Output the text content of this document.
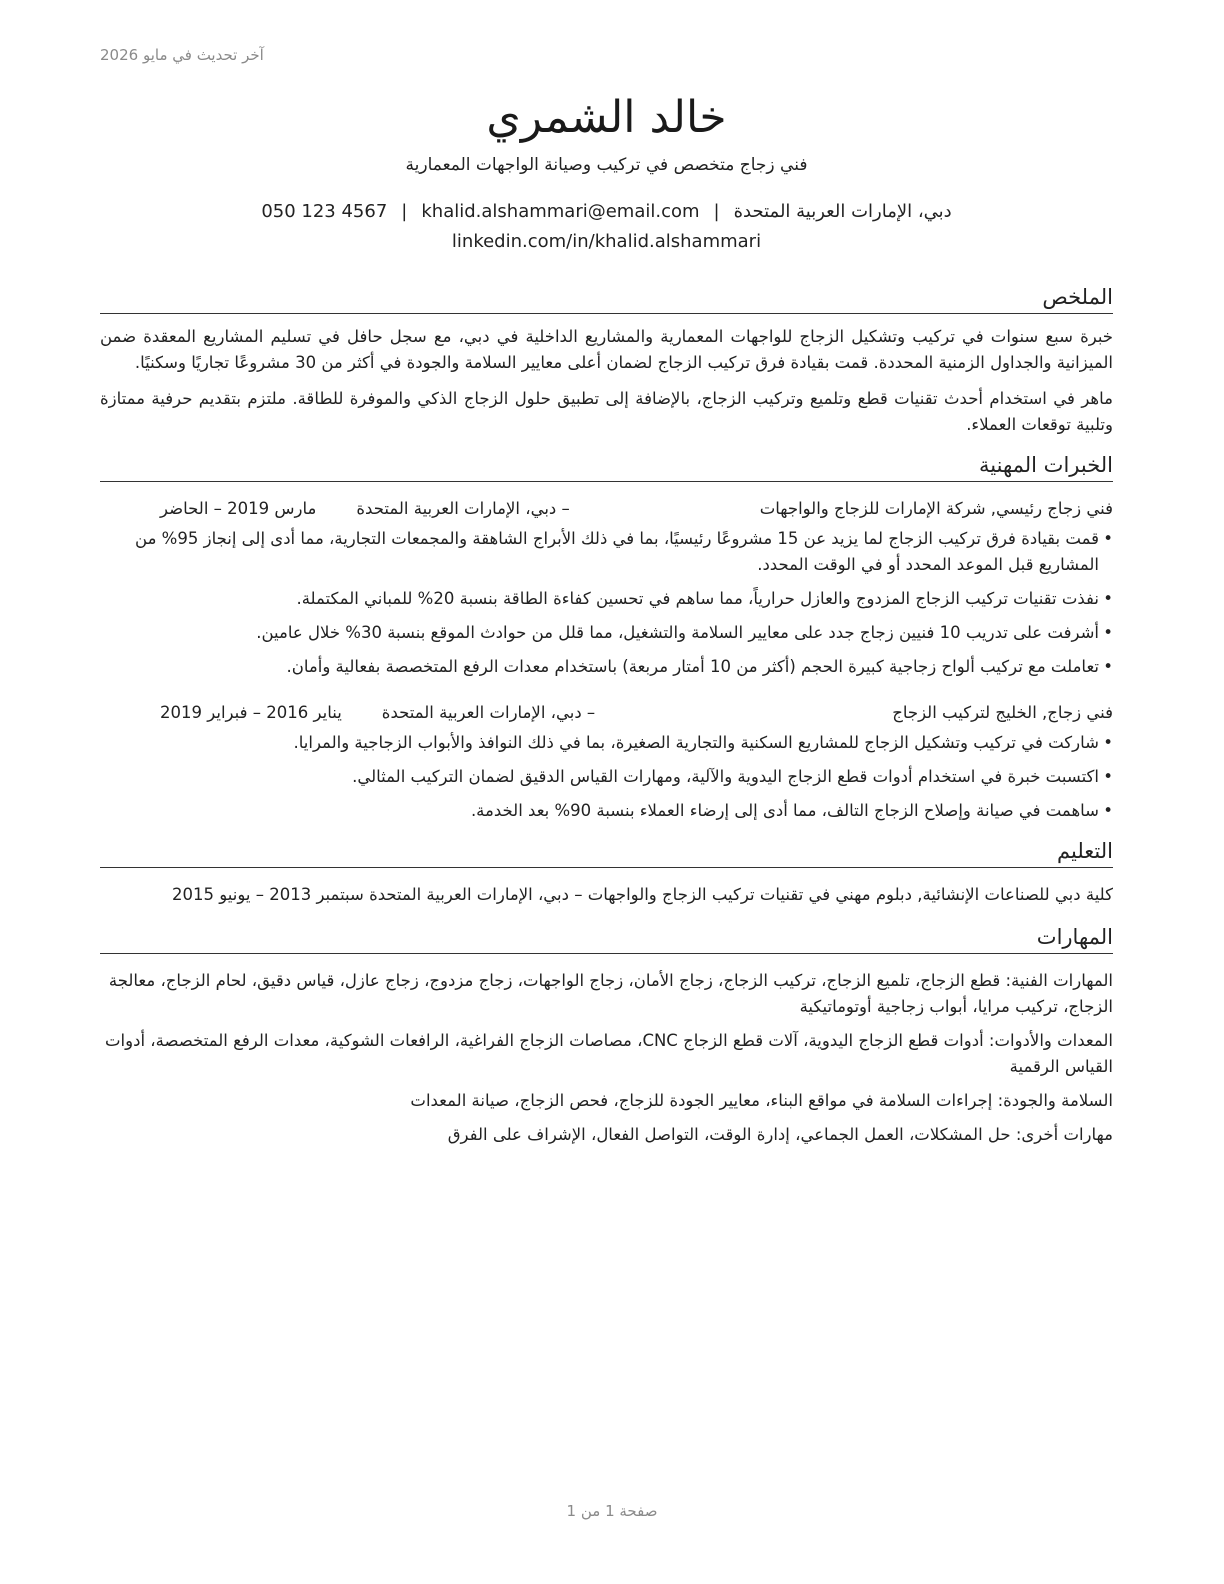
آخر تحديث في مايو 2026
خالد الشمري
فني زجاج متخصص في تركيب وصيانة الواجهات المعمارية
دبي، الإمارات العربية المتحدة|khalid.alshammari@email.com|050 123 4567
linkedin.com/in/khalid.alshammari
الملخص

خبرة سبع سنوات في تركيب وتشكيل الزجاج للواجهات المعمارية والمشاريع الداخلية في دبي، مع سجل حافل في تسليم المشاريع المعقدة ضمن الميزانية والجداول الزمنية المحددة. قمت بقيادة فرق تركيب الزجاج لضمان أعلى معايير السلامة والجودة في أكثر من 30 مشروعًا تجاريًا وسكنيًا.

ماهر في استخدام أحدث تقنيات قطع وتلميع وتركيب الزجاج، بالإضافة إلى تطبيق حلول الزجاج الذكي والموفرة للطاقة. ملتزم بتقديم حرفية ممتازة وتلبية توقعات العملاء.

الخبرات المهنية
فني زجاج رئيسي, شركة الإمارات للزجاج والواجهات
– دبي، الإمارات العربية المتحدة
مارس 2019 – الحاضر
• قمت بقيادة فرق تركيب الزجاج لما يزيد عن 15 مشروعًا رئيسيًا، بما في ذلك الأبراج الشاهقة والمجمعات التجارية، مما أدى إلى إنجاز 95% من المشاريع قبل الموعد المحدد أو في الوقت المحدد.
• نفذت تقنيات تركيب الزجاج المزدوج والعازل حرارياً، مما ساهم في تحسين كفاءة الطاقة بنسبة 20% للمباني المكتملة.
• أشرفت على تدريب 10 فنيين زجاج جدد على معايير السلامة والتشغيل، مما قلل من حوادث الموقع بنسبة 30% خلال عامين.
• تعاملت مع تركيب ألواح زجاجية كبيرة الحجم (أكثر من 10 أمتار مربعة) باستخدام معدات الرفع المتخصصة بفعالية وأمان.
فني زجاج, الخليج لتركيب الزجاج
– دبي، الإمارات العربية المتحدة
يناير 2016 – فبراير 2019
• شاركت في تركيب وتشكيل الزجاج للمشاريع السكنية والتجارية الصغيرة، بما في ذلك النوافذ والأبواب الزجاجية والمرايا.
• اكتسبت خبرة في استخدام أدوات قطع الزجاج اليدوية والآلية، ومهارات القياس الدقيق لضمان التركيب المثالي.
• ساهمت في صيانة وإصلاح الزجاج التالف، مما أدى إلى إرضاء العملاء بنسبة 90% بعد الخدمة.
التعليم
كلية دبي للصناعات الإنشائية, دبلوم مهني في تقنيات تركيب الزجاج والواجهات – دبي، الإمارات العربية المتحدة سبتمبر 2013 – يونيو 2015
المهارات
المهارات الفنية: قطع الزجاج، تلميع الزجاج، تركيب الزجاج، زجاج الأمان، زجاج الواجهات، زجاج مزدوج، زجاج عازل، قياس دقيق، لحام الزجاج، معالجة الزجاج، تركيب مرايا، أبواب زجاجية أوتوماتيكية
المعدات والأدوات: أدوات قطع الزجاج اليدوية، آلات قطع الزجاج CNC، مصاصات الزجاج الفراغية، الرافعات الشوكية، معدات الرفع المتخصصة، أدوات القياس الرقمية
السلامة والجودة: إجراءات السلامة في مواقع البناء، معايير الجودة للزجاج، فحص الزجاج، صيانة المعدات
مهارات أخرى: حل المشكلات، العمل الجماعي، إدارة الوقت، التواصل الفعال، الإشراف على الفرق
صفحة 1 من 1
